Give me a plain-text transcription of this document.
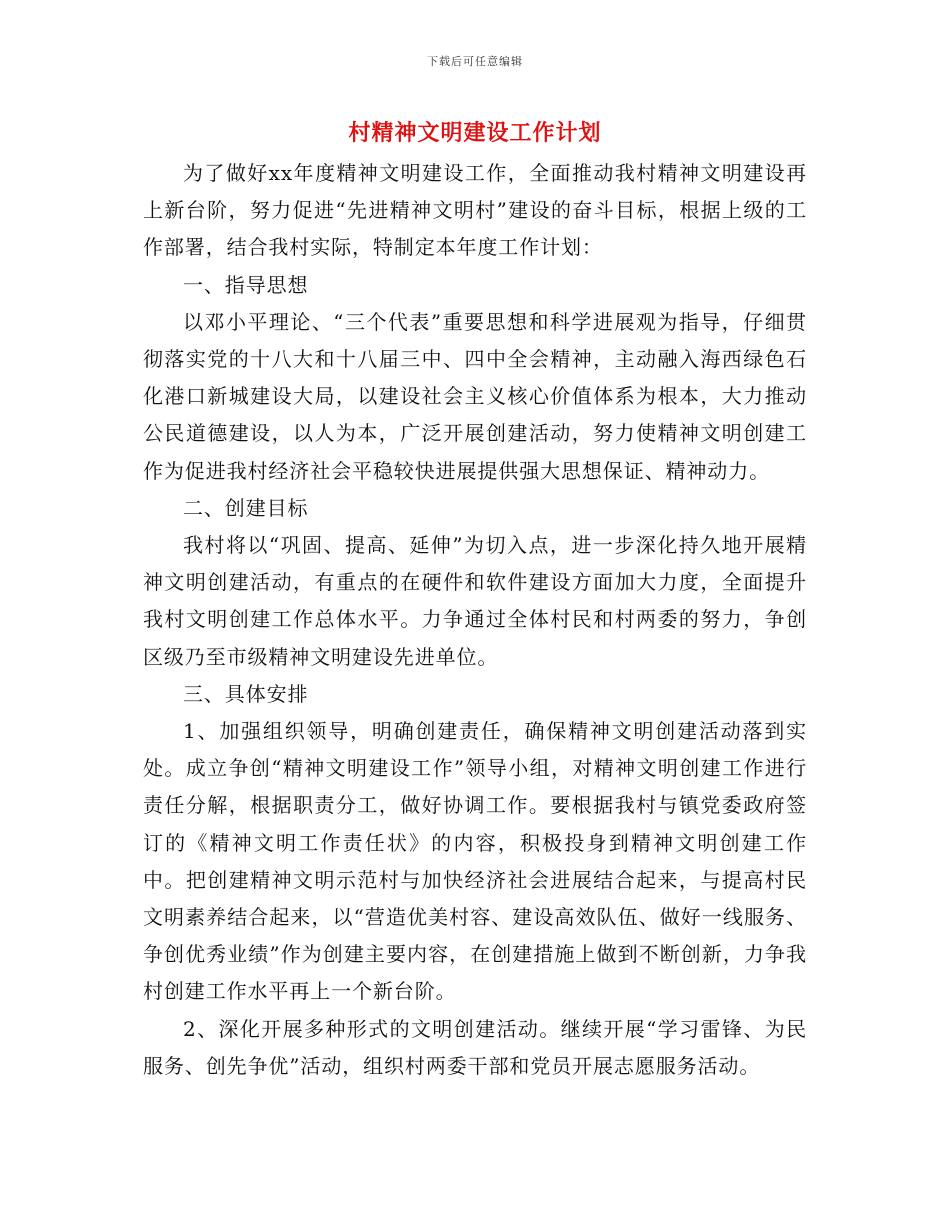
下载后可任意编辑
村精神文明建设工作计划

为了做好xx年度精神文明建设工作，全面推动我村精神文明建设再上新台阶，努力促进“先进精神文明村”建设的奋斗目标，根据上级的工作部署，结合我村实际，特制定本年度工作计划：

一、指导思想

以邓小平理论、“三个代表”重要思想和科学进展观为指导，仔细贯彻落实党的十八大和十八届三中、四中全会精神，主动融入海西绿色石化港口新城建设大局，以建设社会主义核心价值体系为根本，大力推动公民道德建设，以人为本，广泛开展创建活动，努力使精神文明创建工作为促进我村经济社会平稳较快进展提供强大思想保证、精神动力。

二、创建目标

我村将以“巩固、提高、延伸”为切入点，进一步深化持久地开展精神文明创建活动，有重点的在硬件和软件建设方面加大力度，全面提升我村文明创建工作总体水平。力争通过全体村民和村两委的努力，争创区级乃至市级精神文明建设先进单位。

三、具体安排

1、加强组织领导，明确创建责任，确保精神文明创建活动落到实处。成立争创“精神文明建设工作”领导小组，对精神文明创建工作进行责任分解，根据职责分工，做好协调工作。要根据我村与镇党委政府签订的《精神文明工作责任状》的内容，积极投身到精神文明创建工作中。把创建精神文明示范村与加快经济社会进展结合起来，与提高村民文明素养结合起来，以“营造优美村容、建设高效队伍、做好一线服务、争创优秀业绩”作为创建主要内容，在创建措施上做到不断创新，力争我村创建工作水平再上一个新台阶。

2、深化开展多种形式的文明创建活动。继续开展“学习雷锋、为民服务、创先争优”活动，组织村两委干部和党员开展志愿服务活动。
